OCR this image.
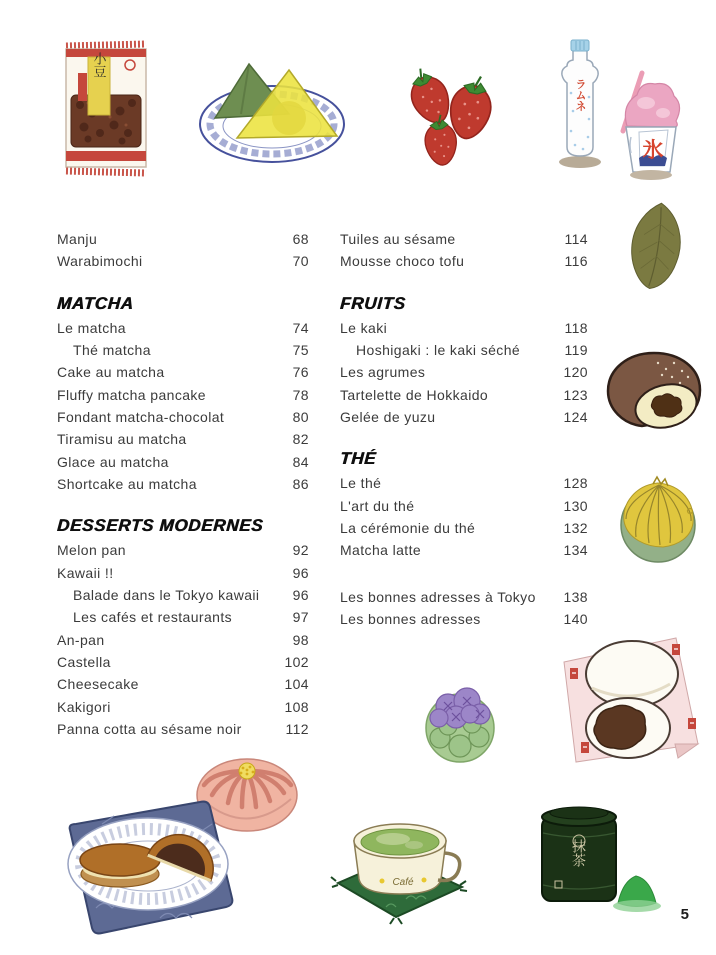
小豆
ラムネ
氷
Café
抹茶
Manju	68
Warabimochi	70
MATCHA
Le matcha	74
Thé matcha	75
Cake au matcha	76
Fluffy matcha pancake	78
Fondant matcha-chocolat	80
Tiramisu au matcha	82
Glace au matcha	84
Shortcake au matcha	86
DESSERTS MODERNES
Melon pan	92
Kawaii !!	96
Balade dans le Tokyo kawaii 96
Les cafés et restaurants	97
An-pan	98
Castella	102
Cheesecake	104
Kakigori	108
Panna cotta au sésame noir	112
Tuiles au sésame	114
Mousse choco tofu	116
FRUITS
Le kaki	118
Hoshigaki : le kaki séché	119
Les agrumes	120
Tartelette de Hokkaido	123
Gelée de yuzu	124
THÉ
Le thé	128
L'art du thé	130
La cérémonie du thé	132
Matcha latte	134
Les bonnes adresses à Tokyo 138
Les bonnes adresses	140
5
